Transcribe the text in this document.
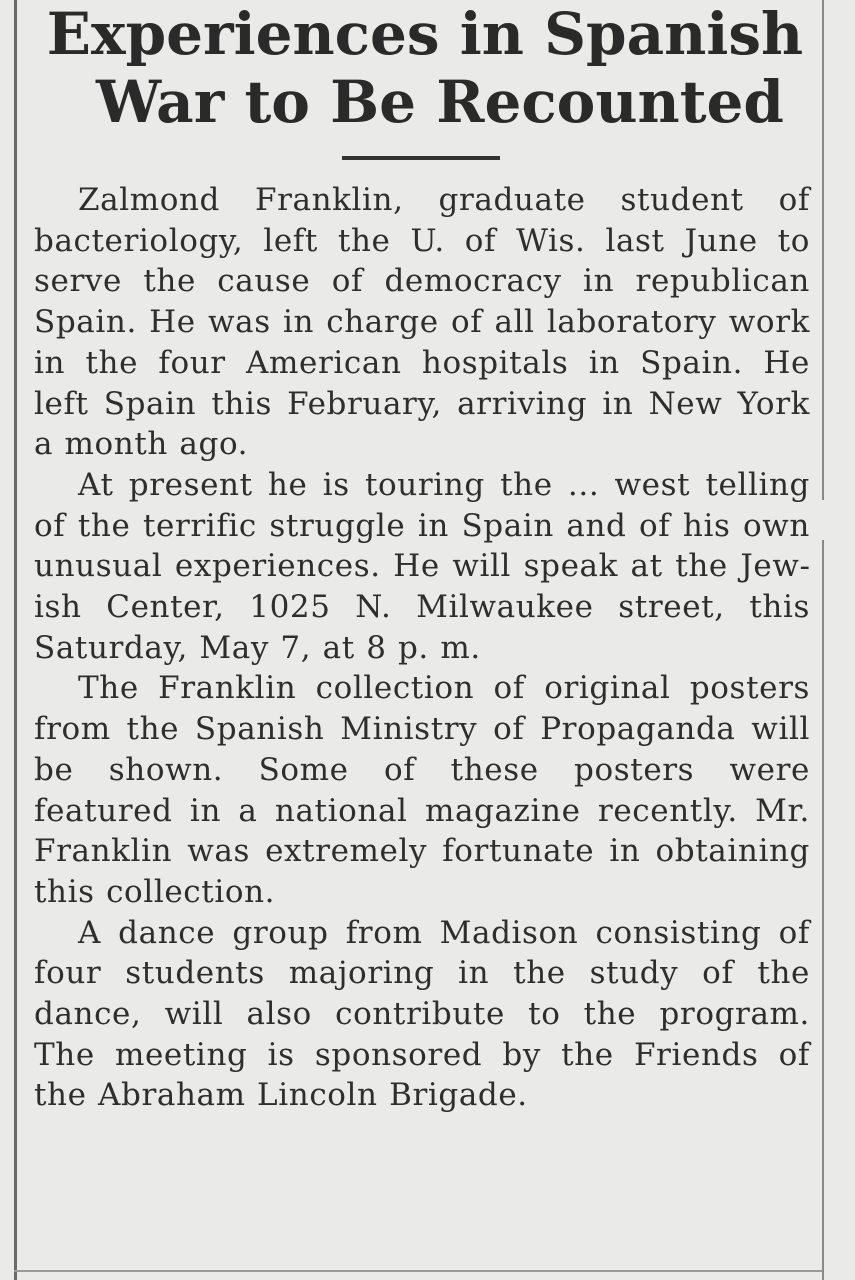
Experiences in Spanish
War to Be Recounted

Zalmond Franklin, graduate student of bacteriology, left the U. of Wis. last June to serve the cause of democracy in republican Spain. He was in charge of all laboratory work in the four American hospitals in Spain. He left Spain this February, arriving in New York a month ago.

At present he is touring the ... west telling of the terrific struggle in Spain and of his own unusual experiences. He will speak at the Jewish Center, 1025 N. Milwaukee street, this Saturday, May 7, at 8 p. m.

The Franklin collection of original posters from the Spanish Ministry of Propaganda will be shown. Some of these posters were featured in a national magazine recently. Mr. Franklin was extremely fortunate in obtaining this collection.

A dance group from Madison consisting of four students majoring in the study of the dance, will also contribute to the program. The meeting is sponsored by the Friends of the Abraham Lincoln Brigade.
